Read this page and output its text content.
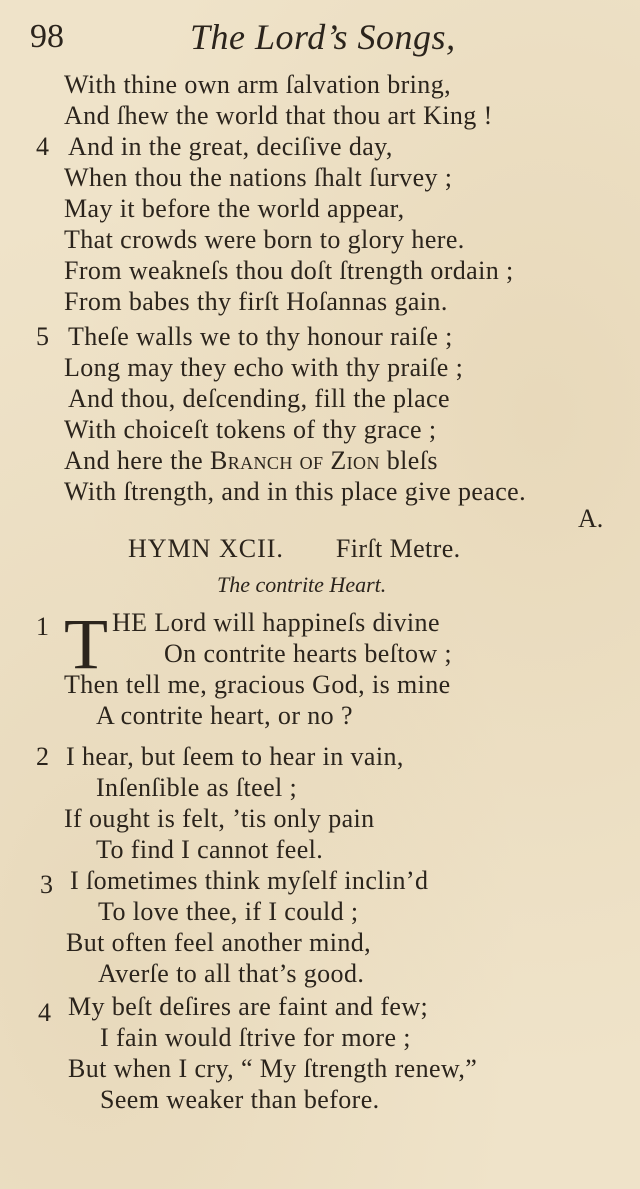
98	The Lord’s Songs,
With thine own arm ſalvation bring,
And ſhew the world that thou art King !
4 And in the great, deciſive day,
When thou the nations ſhalt ſurvey ;
May it before the world appear,
That crowds were born to glory here.
From weakneſs thou doſt ſtrength ordain ;
From babes thy firſt Hoſannas gain.
5 Theſe walls we to thy honour raiſe ;
Long may they echo with thy praiſe ;
And thou, deſcending, fill the place
With choiceſt tokens of thy grace ;
And here the Branch of Zion bleſs
With ſtrength, and in this place give peace.
A.
HYMN XCII. Firſt Metre.
The contrite Heart.
1 T HE Lord will happineſs divine
On contrite hearts beſtow ;
Then tell me, gracious God, is mine
A contrite heart, or no ?
2 I hear, but ſeem to hear in vain,
Inſenſible as ſteel ;
If ought is felt, ’tis only pain
To find I cannot feel.
3 I ſometimes think myſelf inclin’d
To love thee, if I could ;
But often feel another mind,
Averſe to all that’s good.
4 My beſt deſires are faint and few;
I fain would ſtrive for more ;
But when I cry, “ My ſtrength renew,”
Seem weaker than before.
